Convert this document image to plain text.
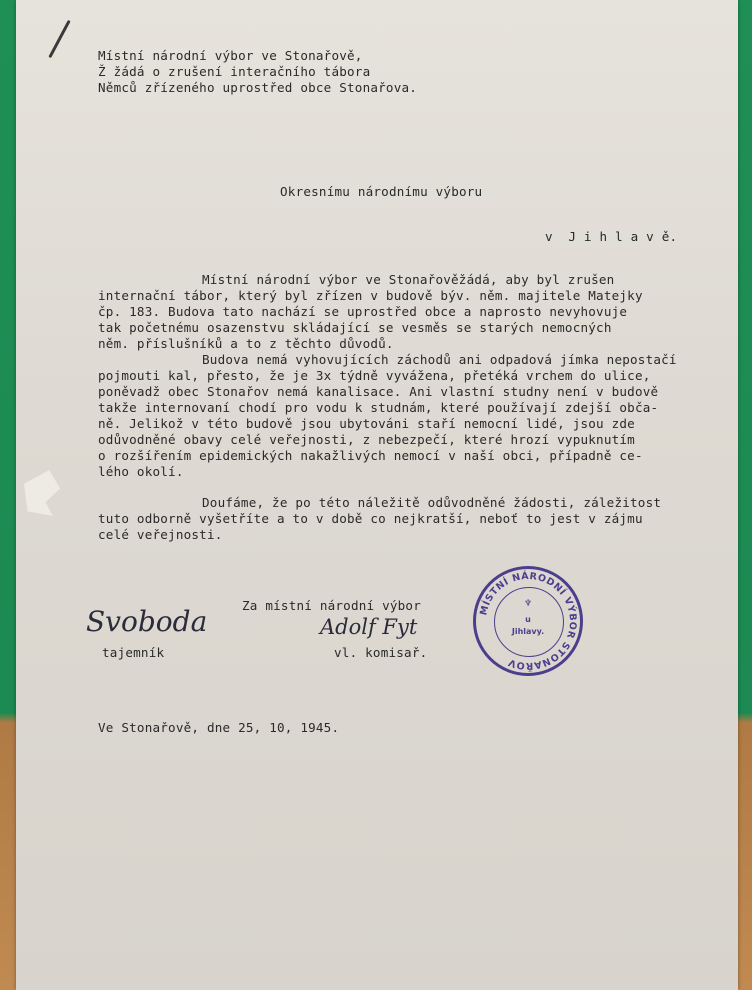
Místní národní výbor ve Stonařově,
Ž žádá o zrušení interačního tábora
Němců zřízeného uprostřed obce Stonařova.
Okresnímu národnímu výboru
v  J i h l a v ě.
Místní národní výbor ve Stonařověžádá, aby byl zrušen
internační tábor, který byl zřízen v budově býv. něm. majitele Matejky
čp. 183. Budova tato nachází se uprostřed obce a naprosto nevyhovuje
tak početnému osazenstvu skládající se vesměs se starých nemocných
něm. příslušníků a to z těchto důvodů.
Budova nemá vyhovujících záchodů ani odpadová jímka nepostačí
pojmouti kal, přesto, že je 3x týdně vyvážena, přetéká vrchem do ulice,
poněvadž obec Stonařov nemá kanalisace. Ani vlastní studny není v budově
takže internovaní chodí pro vodu k studnám, které používají zdejší obča-
ně. Jelikož v této budově jsou ubytováni staří nemocní lidé, jsou zde
odůvodněné obavy celé veřejnosti, z nebezpečí, které hrozí vypuknutím
o rozšířením epidemických nakažlivých nemocí v naší obci, případně ce-
lého okolí.
Doufáme, že po této náležitě odůvodněné žádosti, záležitost
tuto odborně vyšetříte a to v době co nejkratší, neboť to jest v zájmu
celé veřejnosti.
Za místní národní výbor
Svoboda
tajemník
Adolf Fyt
vl. komisař.
Ve Stonařově, dne 25, 10, 1945.
MÍSTNÍ NÁRODNÍ VÝBOR STONAŘOV
♆
u
Jihlavy.
